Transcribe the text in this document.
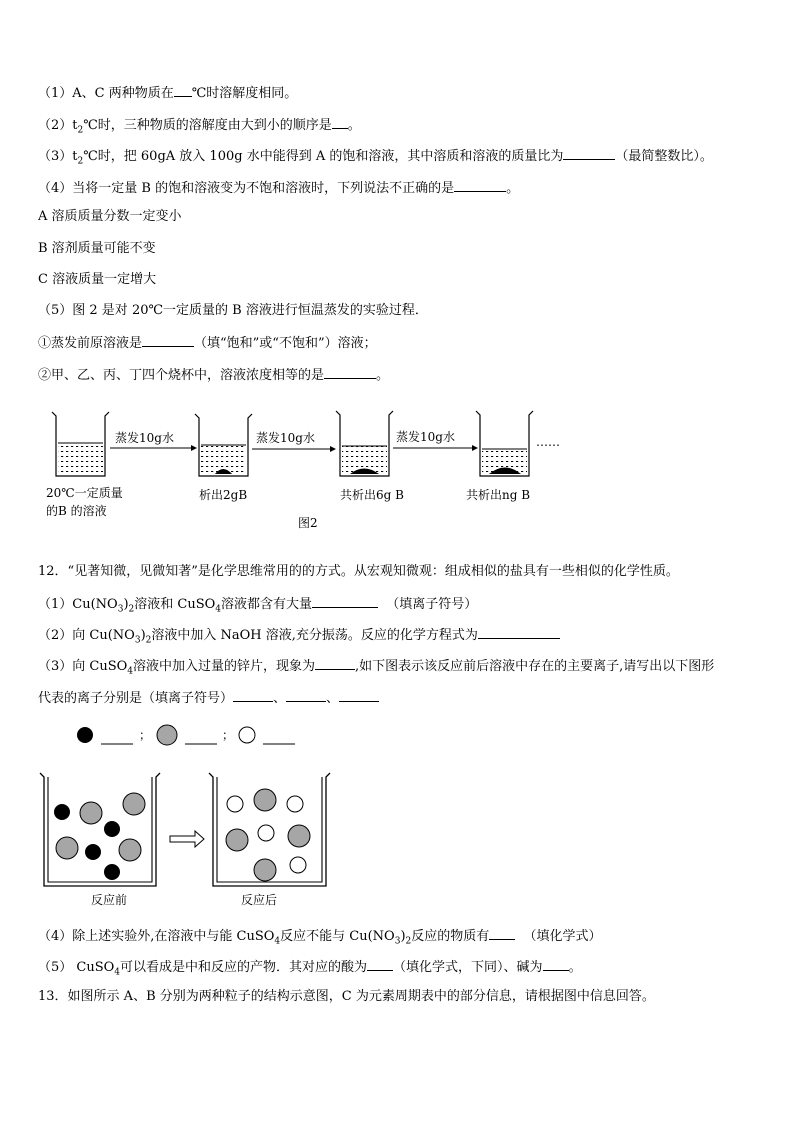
（1）A、C 两种物质在 ℃时溶解度相同。
$(2)t_2℃$时，三种物质的溶解度由大到小的顺序是 。
$(3)t_2℃$时，把 60gA 放入 100g 水中能得到 A 的饱和溶液，其中溶质和溶液的质量比为	（最简整数比）。
（4）当将一定量 B 的饱和溶液变为不饱和溶液时，下列说法不正确的是	。
A 溶质质量分数一定变小
B 溶剂质量可能不变
C 溶液质量一定增大
（5）图 2 是对 20℃一定质量的 B 溶液进行恒温蒸发的实验过程．
①蒸发前原溶液是	（填“饱和”或“不饱和”）溶液；
②甲、乙、丙、丁四个烧杯中，溶液浓度相等的是	。
蒸发10g水	蒸发10g水	蒸发10g水	……
20℃一定质量
的B 的溶液
析出2gB	共析出6g B	共析出ng B
图2
12．“见著知微，见微知著”是化学思维常用的的方式。从宏观知微观：组成相似的盐具有一些相似的化学性质。
$(1)Cu(NO_3)_2$溶液和 CuSO$_4$溶液都含有大量	（填离子符号）
（2）向 $Cu(NO_3)_2$溶液中加入 NaOH 溶液,充分振荡。反应的化学方程式为
（3）向 CuSO$_4$溶液中加入过量的锌片，现象为	,如下图表示该反应前后溶液中存在的主要离子,请写出以下图形
代表的离子分别是（填离子符号）	、	、
；	；
反应前	反应后
（4）除上述实验外,在溶液中与能 CuSO$_4$反应不能与 $Cu(NO_3)_2$反应的物质有	（填化学式）
（5） CuSO$_4$可以看成是中和反应的产物．其对应的酸为 （填化学式，下同）、碱为 。
13．如图所示 A、B 分别为两种粒子的结构示意图，C 为元素周期表中的部分信息，请根据图中信息回答。
